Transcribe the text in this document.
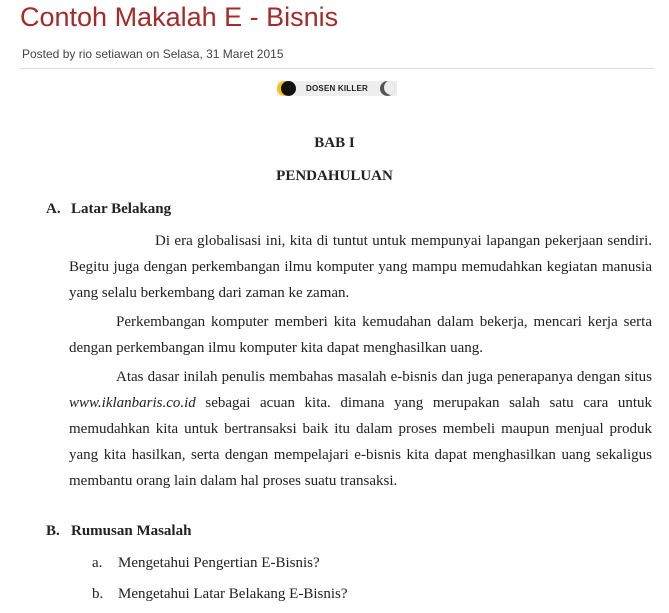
Contoh Makalah E - Bisnis
Posted by rio setiawan on Selasa, 31 Maret 2015
DOSEN KILLER
BAB I
PENDAHULUAN
A. Latar Belakang
Di era globalisasi ini, kita di tuntut untuk mempunyai lapangan pekerjaan sendiri. Begitu juga dengan perkembangan ilmu komputer yang mampu memudahkan kegiatan manusia yang selalu berkembang dari zaman ke zaman.
Perkembangan komputer memberi kita kemudahan dalam bekerja, mencari kerja serta dengan perkembangan ilmu komputer kita dapat menghasilkan uang.
Atas dasar inilah penulis membahas masalah e-bisnis dan juga penerapanya dengan situs www.iklanbaris.co.id sebagai acuan kita. dimana yang merupakan salah satu cara untuk memudahkan kita untuk bertransaksi baik itu dalam proses membeli maupun menjual produk yang kita hasilkan, serta dengan mempelajari e-bisnis kita dapat menghasilkan uang sekaligus membantu orang lain dalam hal proses suatu transaksi.
B. Rumusan Masalah
a. Mengetahui Pengertian E-Bisnis?
b. Mengetahui Latar Belakang E-Bisnis?
